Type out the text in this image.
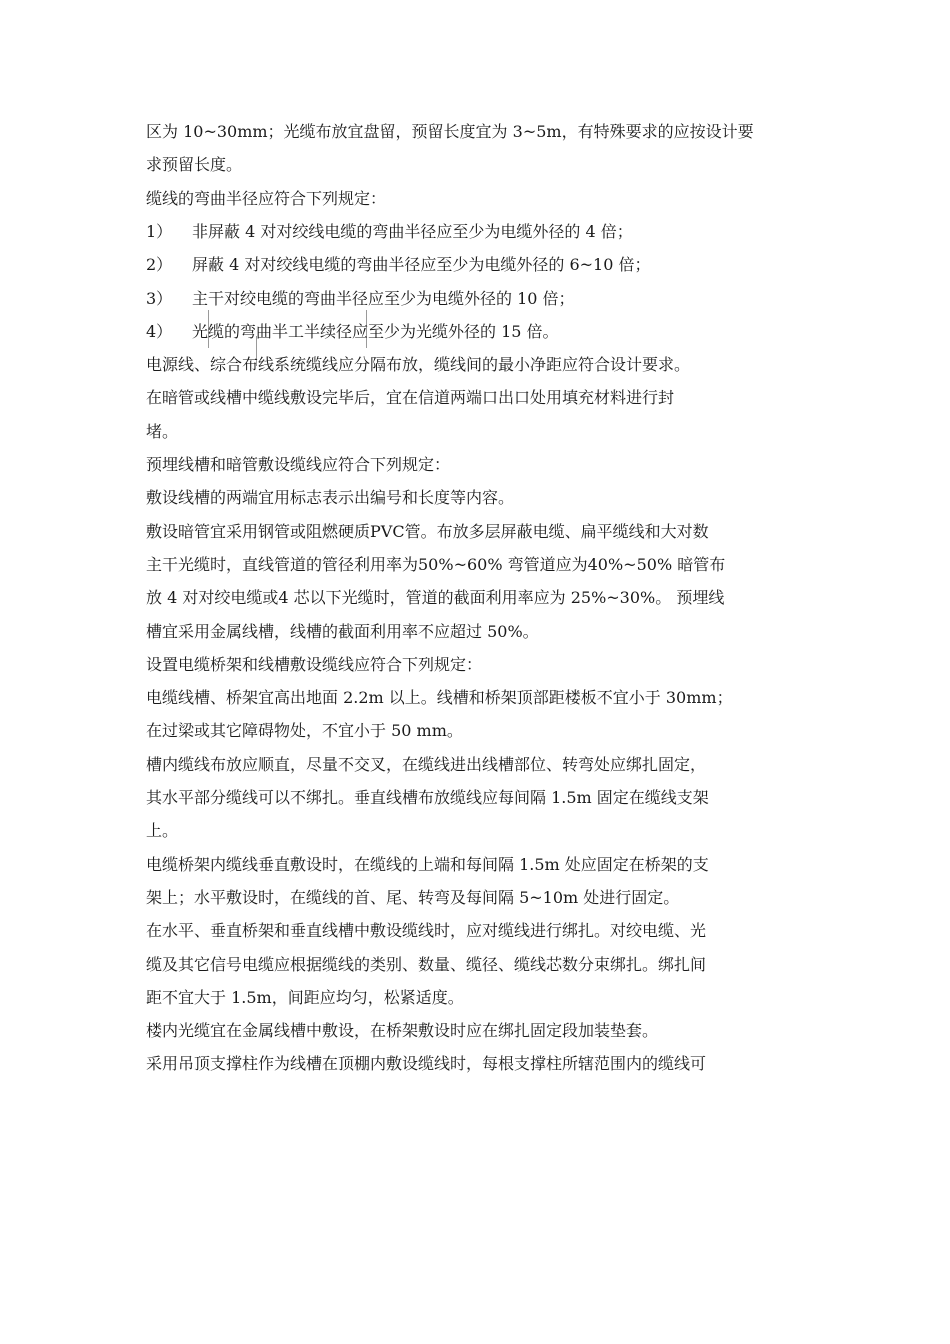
区为 10~30mm；光缆布放宜盘留，预留长度宜为 3~5m，有特殊要求的应按设计要
求预留长度。
缆线的弯曲半径应符合下列规定：
1） 非屏蔽 4 对对绞线电缆的弯曲半径应至少为电缆外径的 4 倍；
2） 屏蔽 4 对对绞线电缆的弯曲半径应至少为电缆外径的 6~10 倍；
3） 主干对绞电缆的弯曲半径应至少为电缆外径的 10 倍；
4） 光缆的弯曲半工半续径应至少为光缆外径的 15 倍。
电源线、综合布线系统缆线应分隔布放，缆线间的最小净距应符合设计要求。
在暗管或线槽中缆线敷设完毕后，宜在信道两端口出口处用填充材料进行封
堵。
预埋线槽和暗管敷设缆线应符合下列规定：
敷设线槽的两端宜用标志表示出编号和长度等内容。
敷设暗管宜采用钢管或阻燃硬质PVC管。布放多层屏蔽电缆、扁平缆线和大对数
主干光缆时，直线管道的管径利用率为50%~60% 弯管道应为40%~50% 暗管布
放 4 对对绞电缆或4 芯以下光缆时，管道的截面利用率应为 25%~30%。 预埋线
槽宜采用金属线槽，线槽的截面利用率不应超过 50%。
设置电缆桥架和线槽敷设缆线应符合下列规定：
电缆线槽、桥架宜高出地面 2.2m 以上。线槽和桥架顶部距楼板不宜小于 30mm；
在过梁或其它障碍物处，不宜小于 50 mm。
槽内缆线布放应顺直，尽量不交叉，在缆线进出线槽部位、转弯处应绑扎固定，
其水平部分缆线可以不绑扎。垂直线槽布放缆线应每间隔 1.5m 固定在缆线支架
上。
电缆桥架内缆线垂直敷设时，在缆线的上端和每间隔 1.5m 处应固定在桥架的支
架上；水平敷设时，在缆线的首、尾、转弯及每间隔 5~10m 处进行固定。
在水平、垂直桥架和垂直线槽中敷设缆线时，应对缆线进行绑扎。对绞电缆、光
缆及其它信号电缆应根据缆线的类别、数量、缆径、缆线芯数分束绑扎。绑扎间
距不宜大于 1.5m，间距应均匀，松紧适度。
楼内光缆宜在金属线槽中敷设，在桥架敷设时应在绑扎固定段加装垫套。
采用吊顶支撑柱作为线槽在顶棚内敷设缆线时，每根支撑柱所辖范围内的缆线可
